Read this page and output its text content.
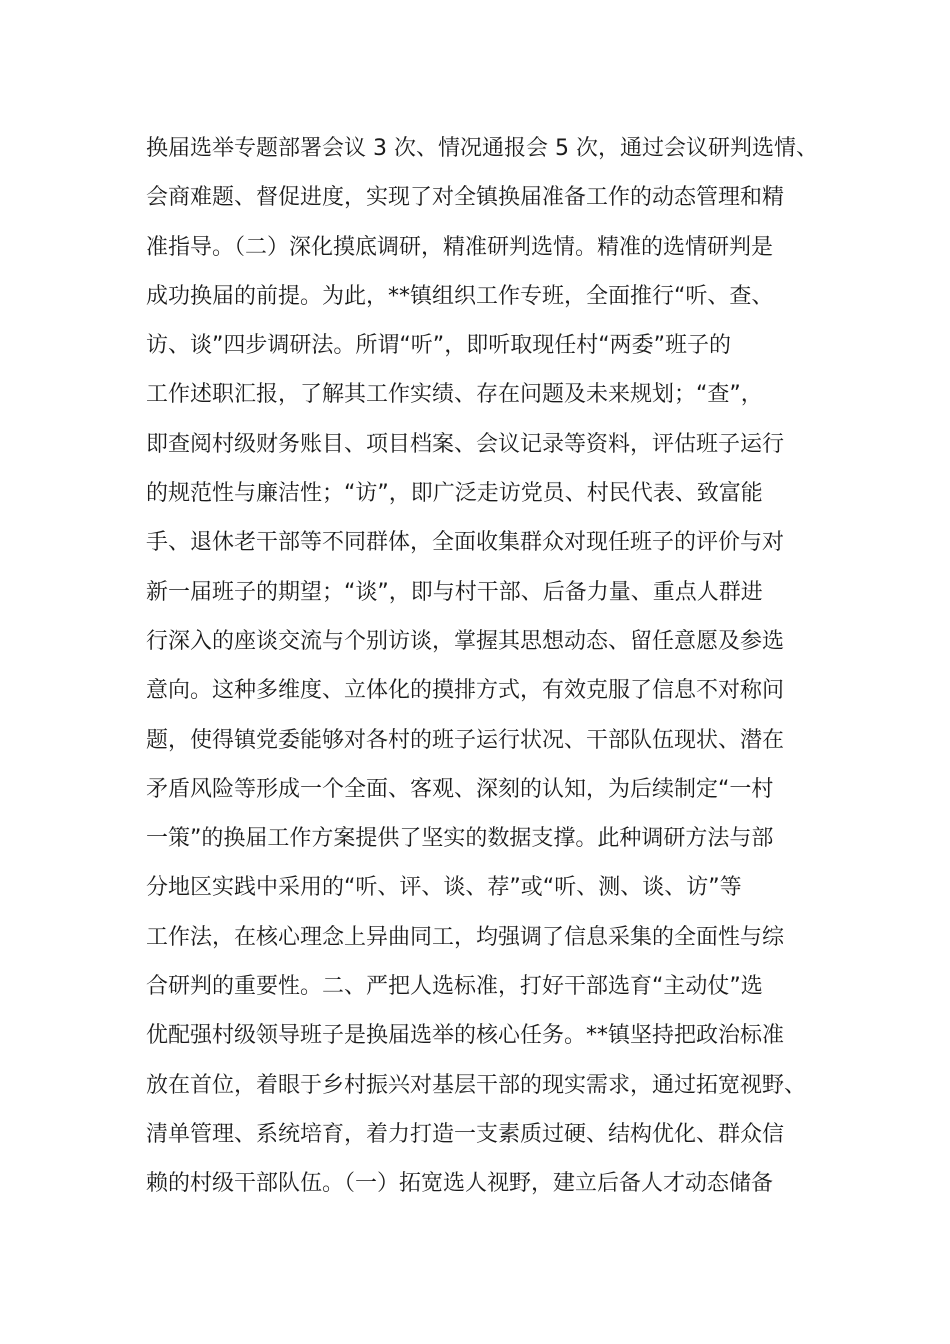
换届选举专题部署会议 3 次、情况通报会 5 次，通过会议研判选情、
会商难题、督促进度，实现了对全镇换届准备工作的动态管理和精
准指导。（二）深化摸底调研，精准研判选情。精准的选情研判是
成功换届的前提。为此，**镇组织工作专班，全面推行“听、查、
访、谈”四步调研法。所谓“听”，即听取现任村“两委”班子的
工作述职汇报，了解其工作实绩、存在问题及未来规划；“查”，
即查阅村级财务账目、项目档案、会议记录等资料，评估班子运行
的规范性与廉洁性；“访”，即广泛走访党员、村民代表、致富能
手、退休老干部等不同群体，全面收集群众对现任班子的评价与对
新一届班子的期望；“谈”，即与村干部、后备力量、重点人群进
行深入的座谈交流与个别访谈，掌握其思想动态、留任意愿及参选
意向。这种多维度、立体化的摸排方式，有效克服了信息不对称问
题，使得镇党委能够对各村的班子运行状况、干部队伍现状、潜在
矛盾风险等形成一个全面、客观、深刻的认知，为后续制定“一村
一策”的换届工作方案提供了坚实的数据支撑。此种调研方法与部
分地区实践中采用的“听、评、谈、荐”或“听、测、谈、访”等
工作法，在核心理念上异曲同工，均强调了信息采集的全面性与综
合研判的重要性。二、严把人选标准，打好干部选育“主动仗”选
优配强村级领导班子是换届选举的核心任务。**镇坚持把政治标准
放在首位，着眼于乡村振兴对基层干部的现实需求，通过拓宽视野、
清单管理、系统培育，着力打造一支素质过硬、结构优化、群众信
赖的村级干部队伍。（一）拓宽选人视野，建立后备人才动态储备
